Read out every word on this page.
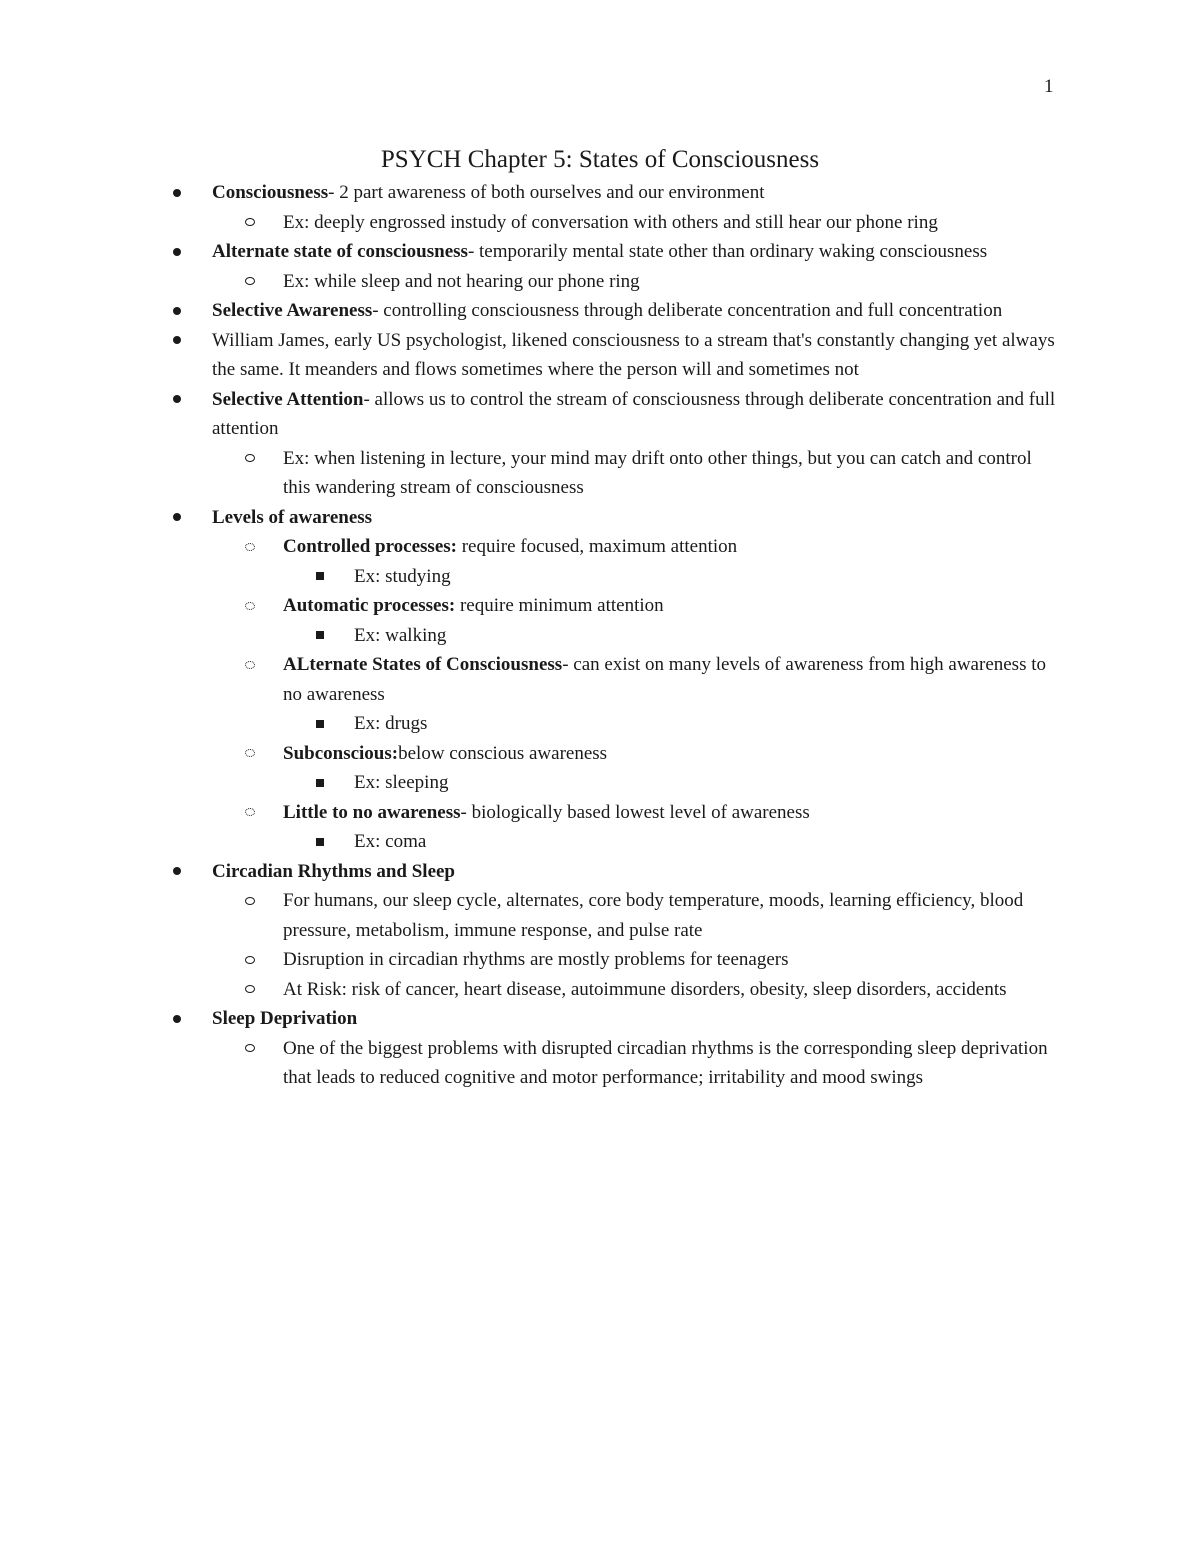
1
PSYCH Chapter 5: States of Consciousness
Consciousness- 2 part awareness of both ourselves and our environment
Ex: deeply engrossed instudy of conversation with others and still hear our phone ring
Alternate state of consciousness- temporarily mental state other than ordinary waking consciousness
Ex: while sleep and not hearing our phone ring
Selective Awareness- controlling consciousness through deliberate concentration and full concentration
William James, early US psychologist, likened consciousness to a stream that's constantly changing yet always the same. It meanders and flows sometimes where the person will and sometimes not
Selective Attention- allows us to control the stream of consciousness through deliberate concentration and full attention
Ex: when listening in lecture, your mind may drift onto other things, but you can catch and control this wandering stream of consciousness
Levels of awareness
Controlled processes: require focused, maximum attention
Ex: studying
Automatic processes: require minimum attention
Ex: walking
ALternate States of Consciousness- can exist on many levels of awareness from high awareness to no awareness
Ex: drugs
Subconscious:below conscious awareness
Ex: sleeping
Little to no awareness- biologically based lowest level of awareness
Ex: coma
Circadian Rhythms and Sleep
For humans, our sleep cycle, alternates, core body temperature, moods, learning efficiency, blood pressure, metabolism, immune response, and pulse rate
Disruption in circadian rhythms are mostly problems for teenagers
At Risk: risk of cancer, heart disease, autoimmune disorders, obesity, sleep disorders, accidents
Sleep Deprivation
One of the biggest problems with disrupted circadian rhythms is the corresponding sleep deprivation that leads to reduced cognitive and motor performance; irritability and mood swings
